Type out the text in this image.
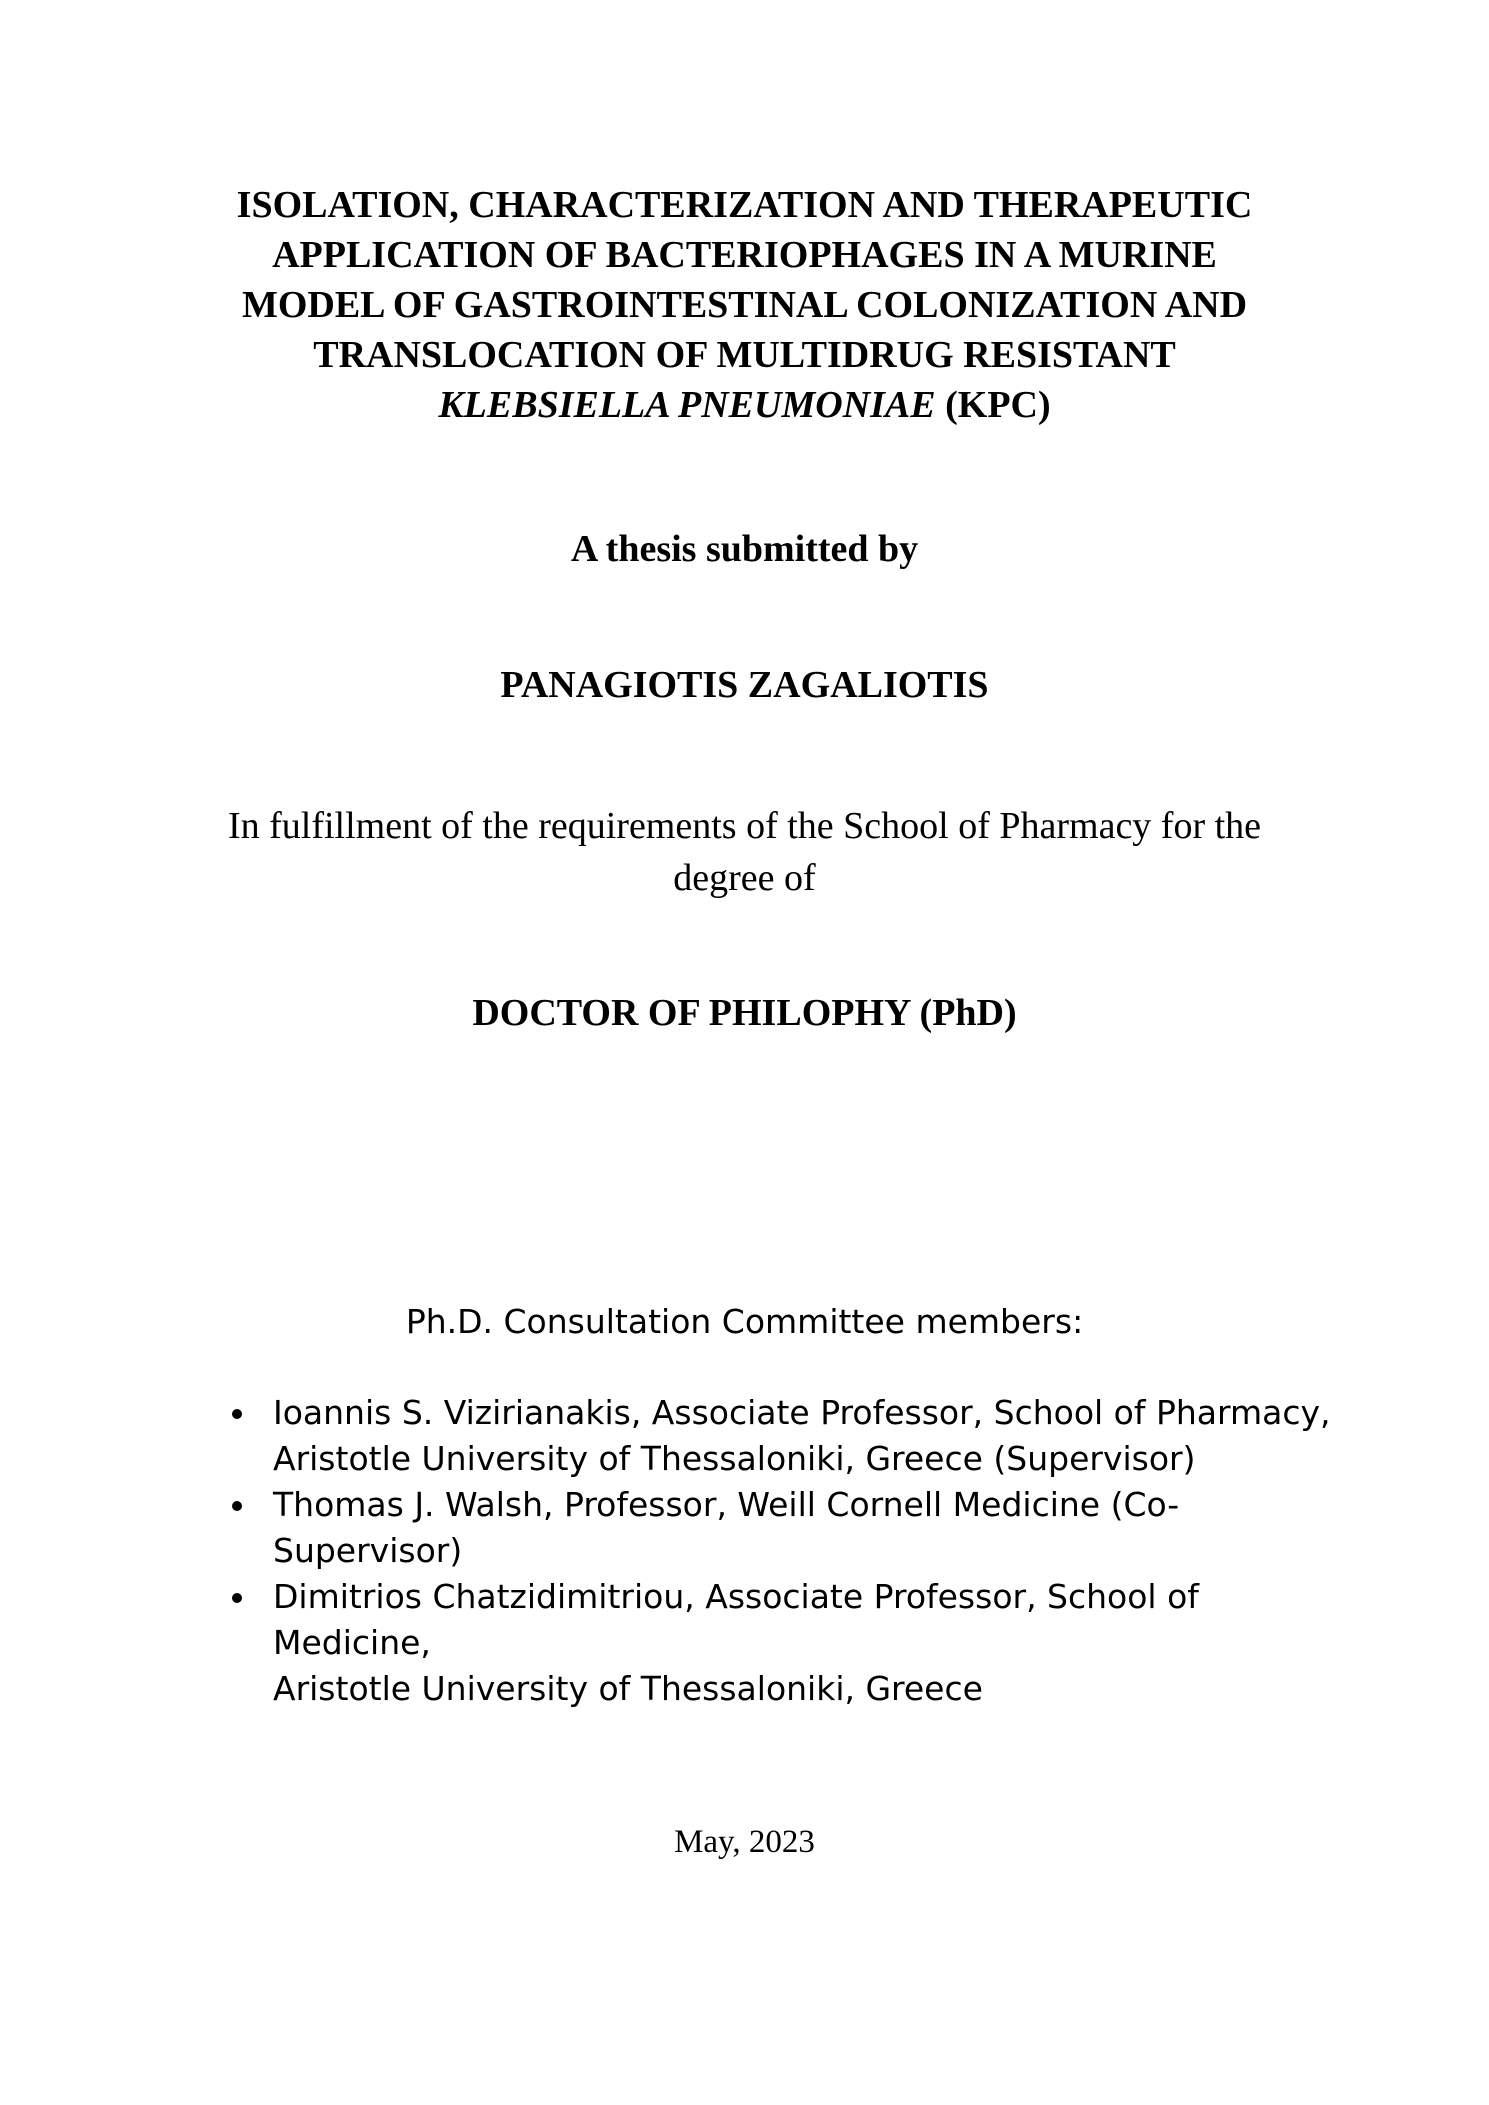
ISOLATION, CHARACTERIZATION AND THERAPEUTIC
APPLICATION OF BACTERIOPHAGES IN A MURINE
MODEL OF GASTROINTESTINAL COLONIZATION AND
TRANSLOCATION OF MULTIDRUG RESISTANT
KLEBSIELLA PNEUMONIAE (KPC)
A thesis submitted by
PANAGIOTIS ZAGALIOTIS
In fulfillment of the requirements of the School of Pharmacy for the
degree of
DOCTOR OF PHILOPHY (PhD)
Ph.D. Consultation Committee members:
Ioannis S. Vizirianakis, Associate Professor, School of Pharmacy,
Aristotle University of Thessaloniki, Greece (Supervisor)
Thomas J. Walsh, Professor, Weill Cornell Medicine (Co-Supervisor)
Dimitrios Chatzidimitriou, Associate Professor, School of Medicine,
Aristotle University of Thessaloniki, Greece
May, 2023
